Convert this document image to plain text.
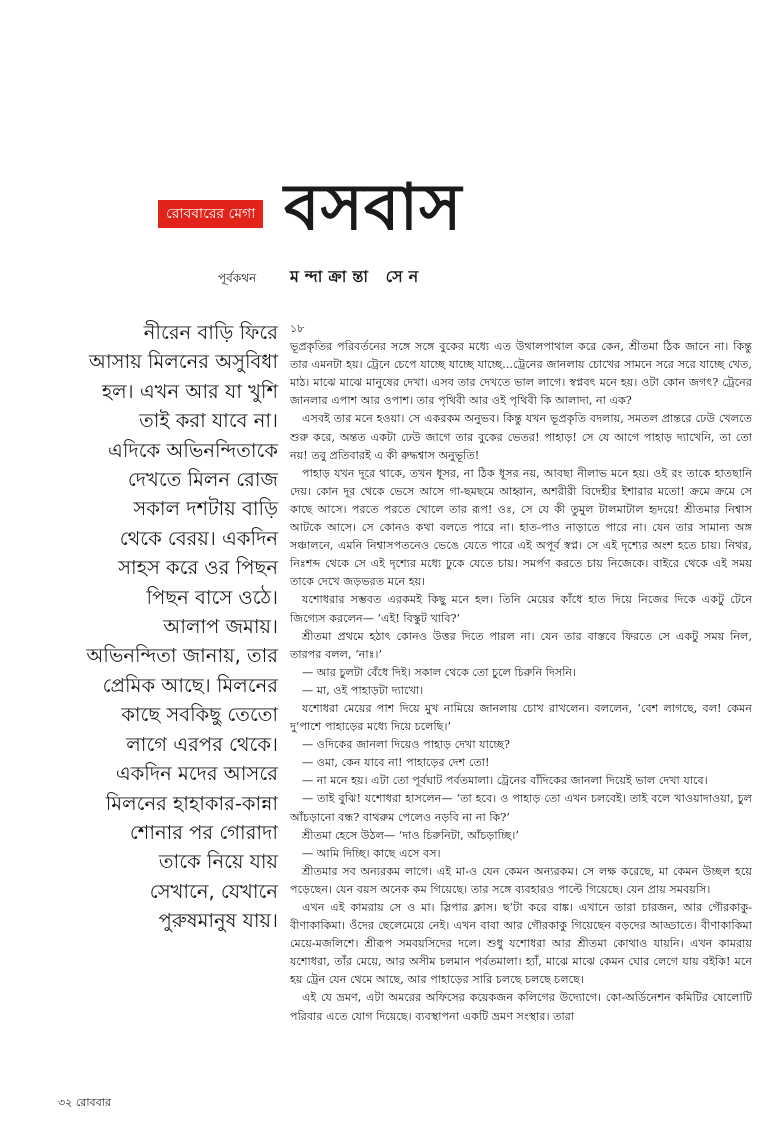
রোববারের মেগা বসবাস
পূর্বকথন মন্দাক্রান্তা সেন
নীরেন বাড়ি ফিরে
আসায় মিলনের অসুবিধা
হল। এখন আর যা খুশি
তাই করা যাবে না।
এদিকে অভিনন্দিতাকে
দেখতে মিলন রোজ
সকাল দশটায় বাড়ি
থেকে বেরয়। একদিন
সাহস করে ওর পিছন
পিছন বাসে ওঠে।
আলাপ জমায়।
অভিনন্দিতা জানায়, তার
প্রেমিক আছে। মিলনের
কাছে সবকিছু তেতো
লাগে এরপর থেকে।
একদিন মদের আসরে
মিলনের হাহাকার-কান্না
শোনার পর গোরাদা
তাকে নিয়ে যায়
সেখানে, যেখানে
পুরুষমানুষ যায়।

১৮

ভূপ্রকৃতির পরিবর্তনের সঙ্গে সঙ্গে বুকের মধ্যে এত উথালপাথাল করে কেন, শ্রীতমা ঠিক জানে না। কিন্তু তার এমনটা হয়। ট্রেনে চেপে যাচ্ছে যাচ্ছে যাচ্ছে...ট্রেনের জানলায় চোখের সামনে সরে সরে যাচ্ছে খেত, মাঠ। মাঝে মাঝে মানুষের দেখা। এসব তার দেখতে ভাল লাগে। স্বপ্নবৎ মনে হয়। ওটা কোন জগৎ? ট্রেনের জানলার এপাশ আর ওপাশ। তার পৃথিবী আর ওই পৃথিবী কি আলাদা, না এক?

এসবই তার মনে হওয়া। সে একরকম অনুভব। কিন্তু যখন ভূপ্রকৃতি বদলায়, সমতল প্রান্তরে ঢেউ খেলতে শুরু করে, অন্তত একটা ঢেউ জাগে তার বুকের ভেতর! পাহাড়! সে যে আগে পাহাড় দ্যাখেনি, তা তো নয়! তবু প্রতিবারই এ কী রুদ্ধশ্বাস অনুভূতি!

পাহাড় যখন দূরে থাকে, তখন ধূসর, না ঠিক ধূসর নয়, আবছা নীলাভ মনে হয়। ওই রং তাকে হাতছানি দেয়। কোন দূর থেকে ভেসে আসে গা-ছমছমে আহ্বান, অশরীরী বিদেহীর ইশারার মতো! ক্রমে ক্রমে সে কাছে আসে। পরতে পরতে খোলে তার রূপ! ওঃ, সে যে কী তুমুল টালমাটাল হৃদয়ে! শ্রীতমার নিশ্বাস আটকে আসে। সে কোনও কথা বলতে পারে না। হাত-পাও নাড়াতে পারে না। যেন তার সামান্য অঙ্গ সঞ্চালনে, এমনি নিশ্বাসপতনেও ভেঙে যেতে পারে এই অপূর্ব স্বপ্ন। সে এই দৃশ্যের অংশ হতে চায়। নিথর, নিঃশব্দ থেকে সে এই দৃশ্যের মধ্যে ঢুকে যেতে চায়। সমর্পণ করতে চায় নিজেকে। বাইরে থেকে এই সময় তাকে দেখে জড়ভরত মনে হয়।

যশোধরার সম্ভবত এরকমই কিছু মনে হল। তিনি মেয়ের কাঁধে হাত দিয়ে নিজের দিকে একটু টেনে জিগ্যেস করলেন— ‘এই! বিস্কুট খাবি?’

শ্রীতমা প্রথমে হঠাৎ কোনও উত্তর দিতে পারল না। যেন তার বাস্তবে ফিরতে সে একটু সময় নিল, তারপর বলল, ‘নাঃ।’

— আর চুলটা বেঁধে দিই। সকাল থেকে তো চুলে চিরুনি দিসনি।

— মা, ওই পাহাড়টা দ্যাখো।

যশোধরা মেয়ের পাশ দিয়ে মুখ নামিয়ে জানলায় চোখ রাখলেন। বললেন, ‘বেশ লাগছে, বল! কেমন দু’পাশে পাহাড়ের মধ্যে দিয়ে চলেছি।’

— ওদিকের জানলা দিয়েও পাহাড় দেখা যাচ্ছে?

— ওমা, কেন যাবে না! পাহাড়ের দেশ তো!

— না মনে হয়। এটা তো পূর্বঘাট পর্বতমালা। ট্রেনের বাঁদিকের জানলা দিয়েই ভাল দেখা যাবে।

— তাই বুঝি! যশোধরা হাসলেন— ‘তা হবে। ও পাহাড় তো এখন চলবেই। তাই বলে খাওয়াদাওয়া, চুল আঁচড়ানো বন্ধ? বাথরুম পেলেও নড়বি না না কি?’

শ্রীতমা হেসে উঠল— ‘দাও চিরুনিটা, আঁচড়াচ্ছি।’

— আমি দিচ্ছি। কাছে এসে বস।

শ্রীতমার সব অন্যরকম লাগে। এই মা-ও যেন কেমন অন্যরকম। সে লক্ষ করেছে, মা কেমন উচ্ছল হয়ে পড়েছেন। যেন বয়স অনেক কম গিয়েছে। তার সঙ্গে ব্যবহারও পাল্টে গিয়েছে। যেন প্রায় সমবয়সি।

এখন এই কামরায় সে ও মা। স্লিপার ক্লাস। ছ’টা করে বাঙ্ক। এখানে তারা চারজন, আর গৌরকাকু-বীণাকাকিমা। ওঁদের ছেলেমেয়ে নেই। এখন বাবা আর গৌরকাকু গিয়েছেন বড়দের আড্ডাতে। বীণাকাকিমা মেয়ে-মজলিশে। শ্রীরূপ সমবয়সিদের দলে। শুধু যশোধরা আর শ্রীতমা কোথাও যায়নি। এখন কামরায় যশোধরা, তাঁর মেয়ে, আর অসীম চলমান পর্বতমালা। হ্যাঁ, মাঝে মাঝে কেমন ঘোর লেগে যায় বইকি! মনে হয় ট্রেন যেন থেমে আছে, আর পাহাড়ের সারি চলছে চলছে চলছে।

এই যে ভ্রমণ, এটা অমরের অফিসের কয়েকজন কলিগের উদ্যোগে। কো-অর্ডিনেশন কমিটির ষোলোটি পরিবার এতে যোগ দিয়েছে। ব্যবস্থাপনা একটি ভ্রমণ সংস্থার। তারা

৩২ রোববার
